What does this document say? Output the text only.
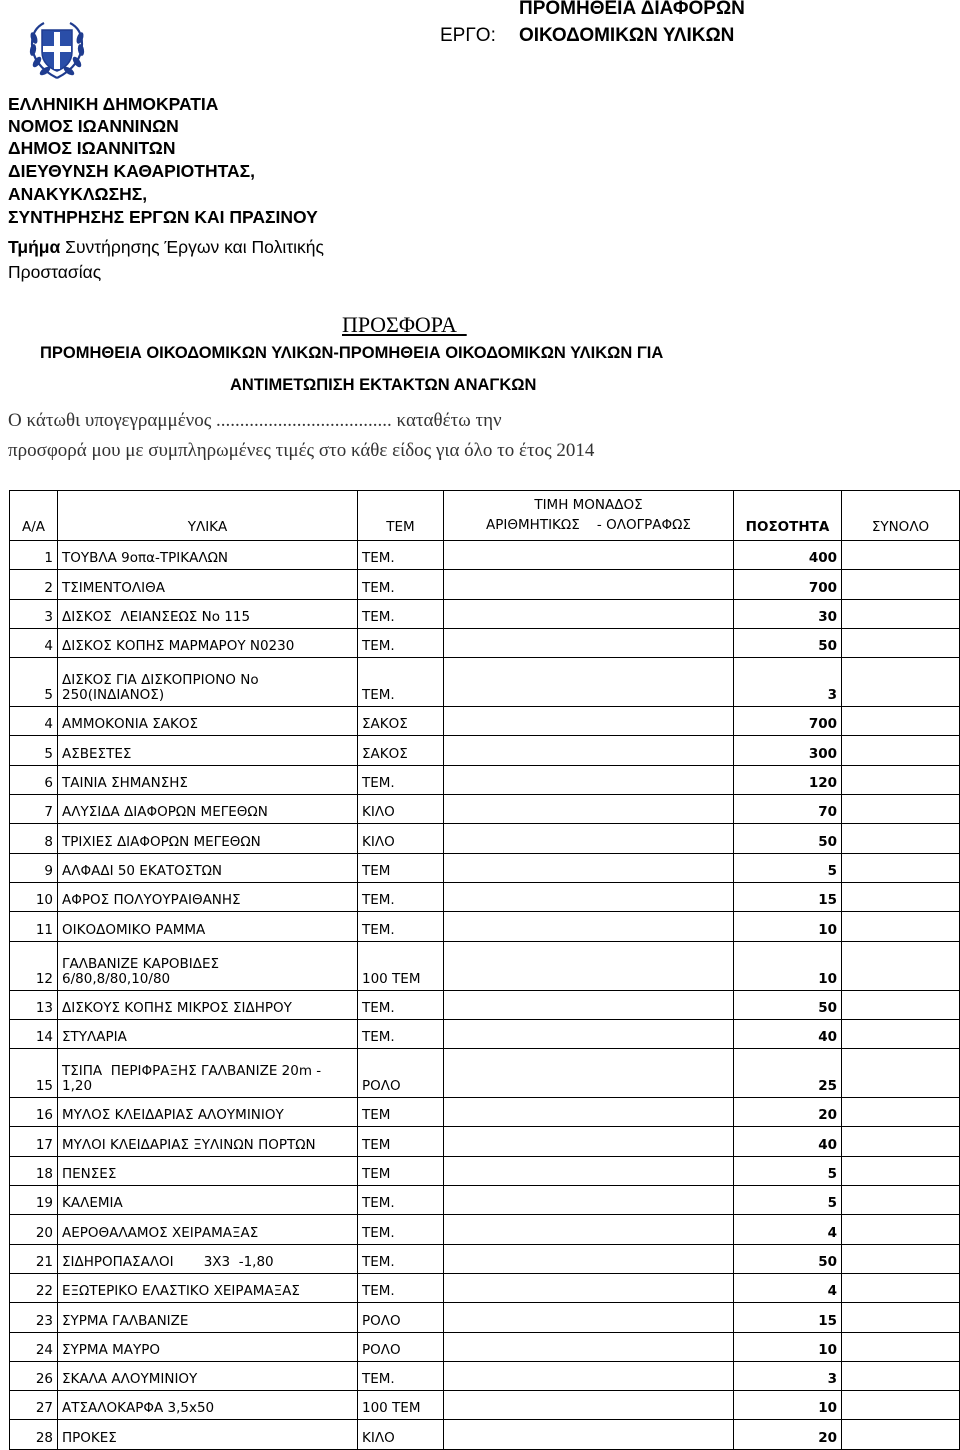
ΕΡΓΟ:
ΠΡΟΜΗΘΕΙΑ ΔΙΑΦΟΡΩΝ
ΟΙΚΟΔΟΜΙΚΩΝ ΥΛΙΚΩΝ
ΕΛΛΗΝΙΚΗ ΔΗΜΟΚΡΑΤΙΑ
ΝΟΜΟΣ ΙΩΑΝΝΙΝΩΝ
ΔΗΜΟΣ ΙΩΑΝΝΙΤΩΝ
ΔΙΕΥΘΥΝΣΗ ΚΑΘΑΡΙΟΤΗΤΑΣ,
ΑΝΑΚΥΚΛΩΣΗΣ,
ΣΥΝΤΗΡΗΣΗΣ ΕΡΓΩΝ ΚΑΙ ΠΡΑΣΙΝΟΥ
Τμήμα Συντήρησης Έργων και Πολιτικής
Προστασίας
ΠΡΟΣΦΟΡΑ
ΠΡΟΜΗΘΕΙΑ ΟΙΚΟΔΟΜΙΚΩΝ ΥΛΙΚΩΝ-ΠΡΟΜΗΘΕΙΑ ΟΙΚΟΔΟΜΙΚΩΝ ΥΛΙΚΩΝ ΓΙΑ
ΑΝΤΙΜΕΤΩΠΙΣΗ ΕΚΤΑΚΤΩΝ ΑΝΑΓΚΩΝ
Ο κάτωθι υπογεγραμμένος ..................................... καταθέτω την
προσφορά μου με συμπληρωμένες τιμές στο κάθε είδος για όλο το έτος 2014
Α/Α	ΥΛΙΚΑ	ΤΕΜ	ΤΙΜΗ ΜΟΝΑΔΟΣ
ΑΡΙΘΜΗΤΙΚΩΣ    - ΟΛΟΓΡΑΦΩΣ	ΠΟΣΟΤΗΤΑ	ΣΥΝΟΛΟ
1	ΤΟΥΒΛΑ 9οπα-ΤΡΙΚΑΛΩΝ	ΤΕΜ.		400	
2	ΤΣΙΜΕΝΤΟΛΙΘΑ	ΤΕΜ.		700	
3	ΔΙΣΚΟΣ  ΛΕΙΑΝΣΕΩΣ Νο 115	ΤΕΜ.		30	
4	ΔΙΣΚΟΣ ΚΟΠΗΣ ΜΑΡΜΑΡΟΥ Ν0230	ΤΕΜ.		50	
5	ΔΙΣΚΟΣ ΓΙΑ ΔΙΣΚΟΠΡΙΟΝΟ Νο
250(ΙΝΔΙΑΝΟΣ)	ΤΕΜ.		3	
4	ΑΜΜΟΚΟΝΙΑ ΣΑΚΟΣ	ΣΑΚΟΣ		700	
5	ΑΣΒΕΣΤΕΣ	ΣΑΚΟΣ		300	
6	ΤΑΙΝΙΑ ΣΗΜΑΝΣΗΣ	ΤΕΜ.		120	
7	ΑΛΥΣΙΔΑ ΔΙΑΦΟΡΩΝ ΜΕΓΕΘΩΝ	ΚΙΛΟ		70	
8	ΤΡΙΧΙΕΣ ΔΙΑΦΟΡΩΝ ΜΕΓΕΘΩΝ	ΚΙΛΟ		50	
9	ΑΛΦΑΔΙ 50 ΕΚΑΤΟΣΤΩΝ	ΤΕΜ		5	
10	ΑΦΡΟΣ ΠΟΛΥΟΥΡΑΙΘΑΝΗΣ	ΤΕΜ.		15	
11	ΟΙΚΟΔΟΜΙΚΟ ΡΑΜΜΑ	ΤΕΜ.		10	
12	ΓΑΛΒΑΝΙΖΕ ΚΑΡΟΒΙΔΕΣ
6/80,8/80,10/80	100 ΤΕΜ		10	
13	ΔΙΣΚΟΥΣ ΚΟΠΗΣ ΜΙΚΡΟΣ ΣΙΔΗΡΟΥ	ΤΕΜ.		50	
14	ΣΤΥΛΑΡΙΑ	ΤΕΜ.		40	
15	ΤΣΙΠΑ  ΠΕΡΙΦΡΑΞΗΣ ΓΑΛΒΑΝΙΖΕ 20m -
1,20	ΡΟΛΟ		25	
16	ΜΥΛΟΣ ΚΛΕΙΔΑΡΙΑΣ ΑΛΟΥΜΙΝΙΟΥ	ΤΕΜ		20	
17	ΜΥΛΟΙ ΚΛΕΙΔΑΡΙΑΣ ΞΥΛΙΝΩΝ ΠΟΡΤΩΝ	ΤΕΜ		40	
18	ΠΕΝΣΕΣ	ΤΕΜ		5	
19	ΚΑΛΕΜΙΑ	ΤΕΜ.		5	
20	ΑΕΡΟΘΑΛΑΜΟΣ ΧΕΙΡΑΜΑΞΑΣ	ΤΕΜ.		4	
21	ΣΙΔΗΡΟΠΑΣΑΛΟΙ       3Χ3  -1,80	ΤΕΜ.		50	
22	ΕΞΩΤΕΡΙΚΟ ΕΛΑΣΤΙΚΟ ΧΕΙΡΑΜΑΞΑΣ	ΤΕΜ.		4	
23	ΣΥΡΜΑ ΓΑΛΒΑΝΙΖΕ	ΡΟΛΟ		15	
24	ΣΥΡΜΑ ΜΑΥΡΟ	ΡΟΛΟ		10	
26	ΣΚΑΛΑ ΑΛΟΥΜΙΝΙΟΥ	ΤΕΜ.		3	
27	ΑΤΣΑΛΟΚΑΡΦΑ 3,5x50	100 ΤΕΜ		10	
28	ΠΡΟΚΕΣ	ΚΙΛΟ		20	
